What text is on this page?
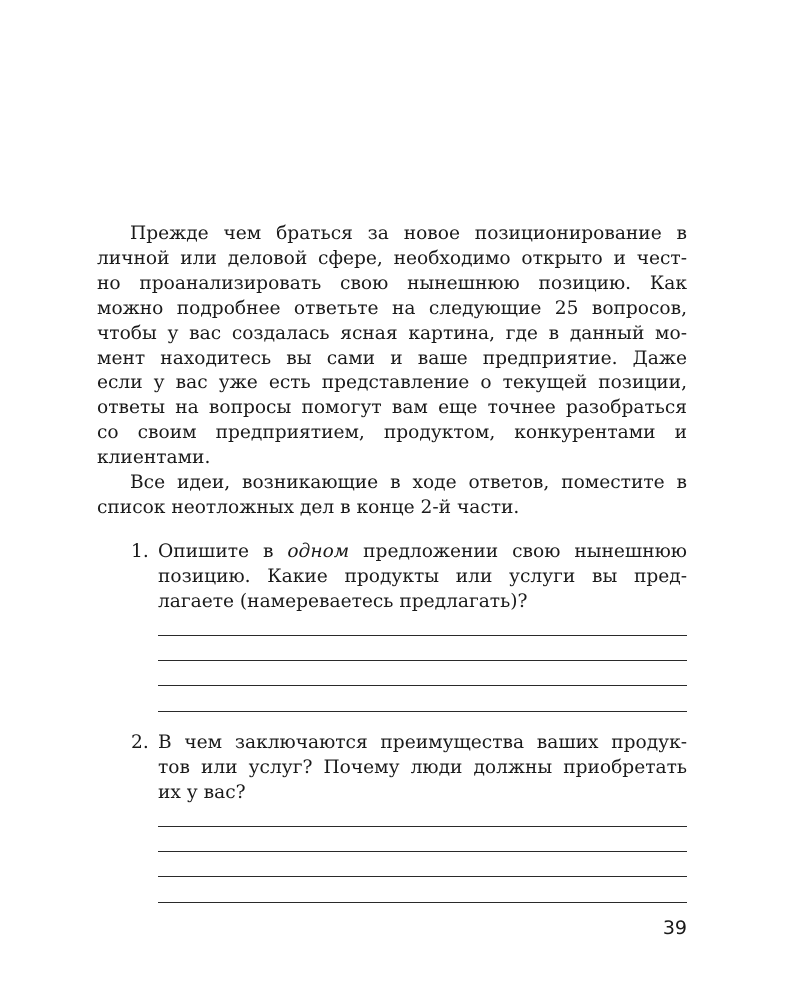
Прежде чем браться за новое позиционирование в
личной или деловой сфере, необходимо открыто и чест-
но проанализировать свою нынешнюю позицию. Как
можно подробнее ответьте на следующие 25 вопросов,
чтобы у вас создалась ясная картина, где в данный мо-
мент находитесь вы сами и ваше предприятие. Даже
если у вас уже есть представление о текущей позиции,
ответы на вопросы помогут вам еще точнее разобраться
со своим предприятием, продуктом, конкурентами и
клиентами.
Все идеи, возникающие в ходе ответов, поместите в
список неотложных дел в конце 2-й части.
1. Опишите в одном предложении свою нынешнюю
позицию. Какие продукты или услуги вы пред-
лагаете (намереваетесь предлагать)?
2. В чем заключаются преимущества ваших продук-
тов или услуг? Почему люди должны приобретать
их у вас?
39
